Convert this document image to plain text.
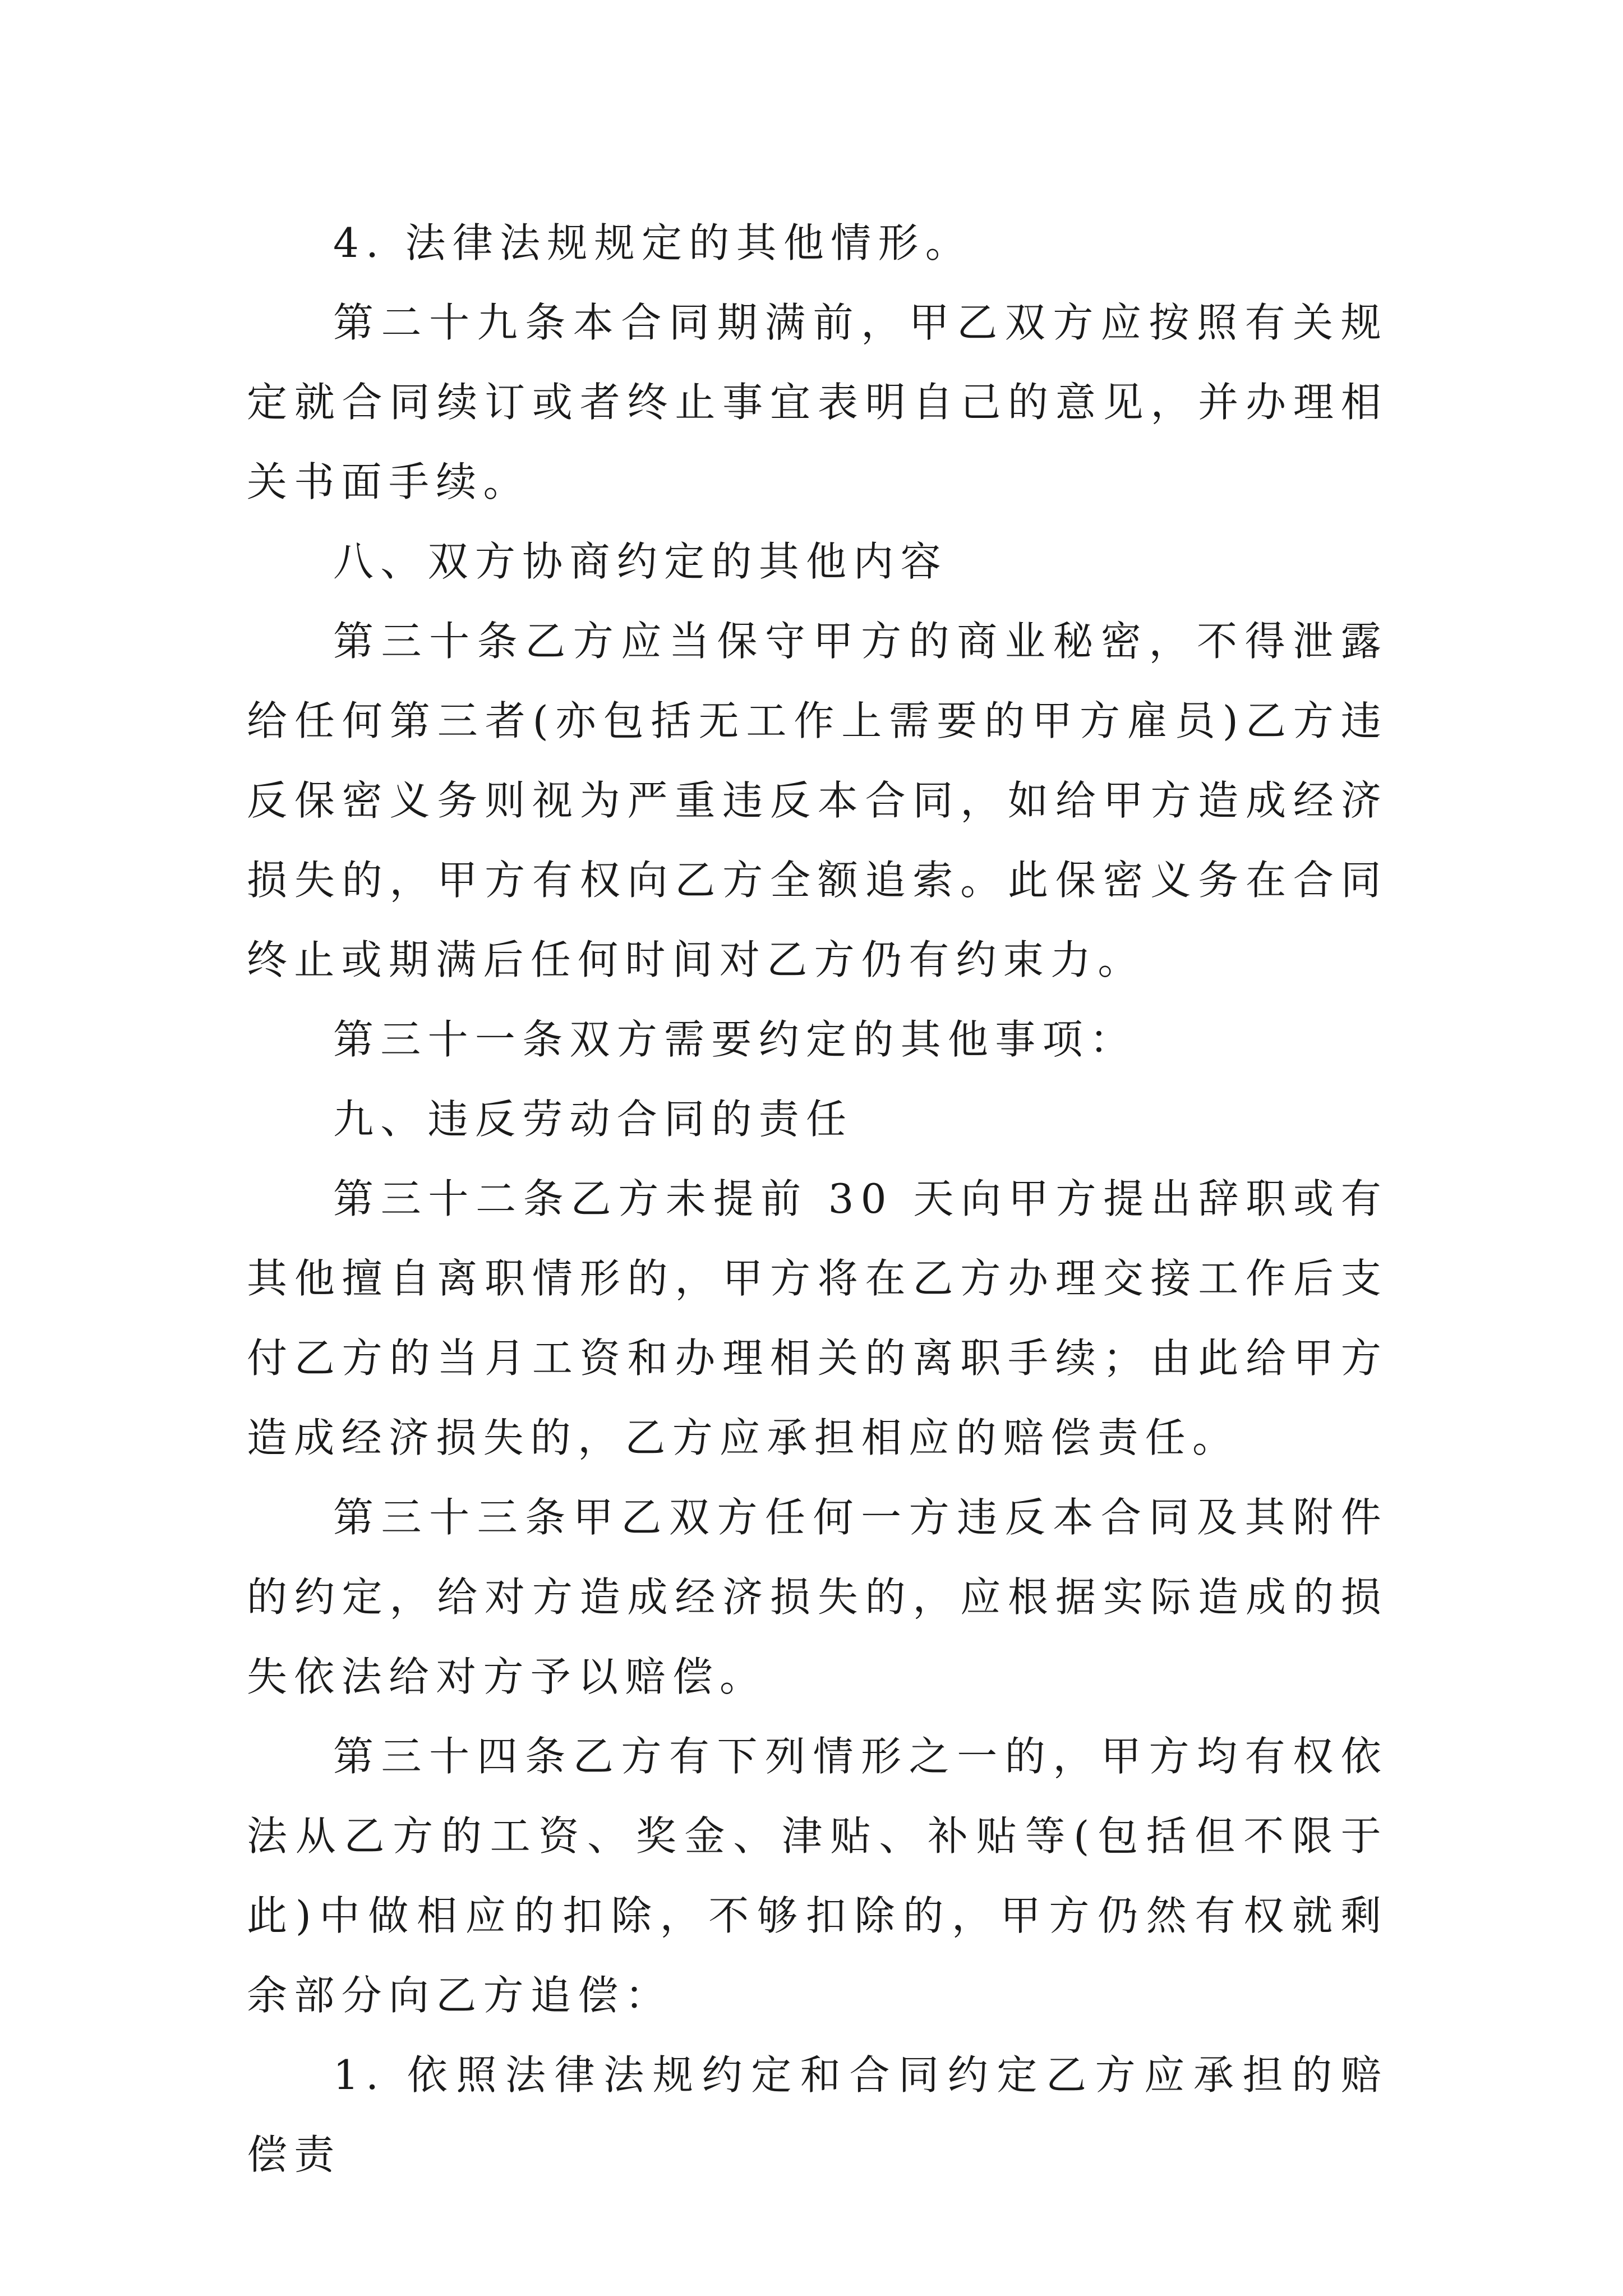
4. 法律法规规定的其他情形。

第二十九条本合同期满前，甲乙双方应按照有关规定就合同续订或者终止事宜表明自己的意见，并办理相关书面手续。

八、双方协商约定的其他内容

第三十条乙方应当保守甲方的商业秘密，不得泄露给任何第三者(亦包括无工作上需要的甲方雇员)乙方违反保密义务则视为严重违反本合同，如给甲方造成经济损失的，甲方有权向乙方全额追索。此保密义务在合同终止或期满后任何时间对乙方仍有约束力。

第三十一条双方需要约定的其他事项：

九、违反劳动合同的责任

第三十二条乙方未提前 30 天向甲方提出辞职或有其他擅自离职情形的，甲方将在乙方办理交接工作后支付乙方的当月工资和办理相关的离职手续；由此给甲方造成经济损失的，乙方应承担相应的赔偿责任。

第三十三条甲乙双方任何一方违反本合同及其附件的约定，给对方造成经济损失的，应根据实际造成的损失依法给对方予以赔偿。

第三十四条乙方有下列情形之一的，甲方均有权依法从乙方的工资、奖金、津贴、补贴等(包括但不限于此)中做相应的扣除，不够扣除的，甲方仍然有权就剩余部分向乙方追偿：

1. 依照法律法规约定和合同约定乙方应承担的赔偿责
